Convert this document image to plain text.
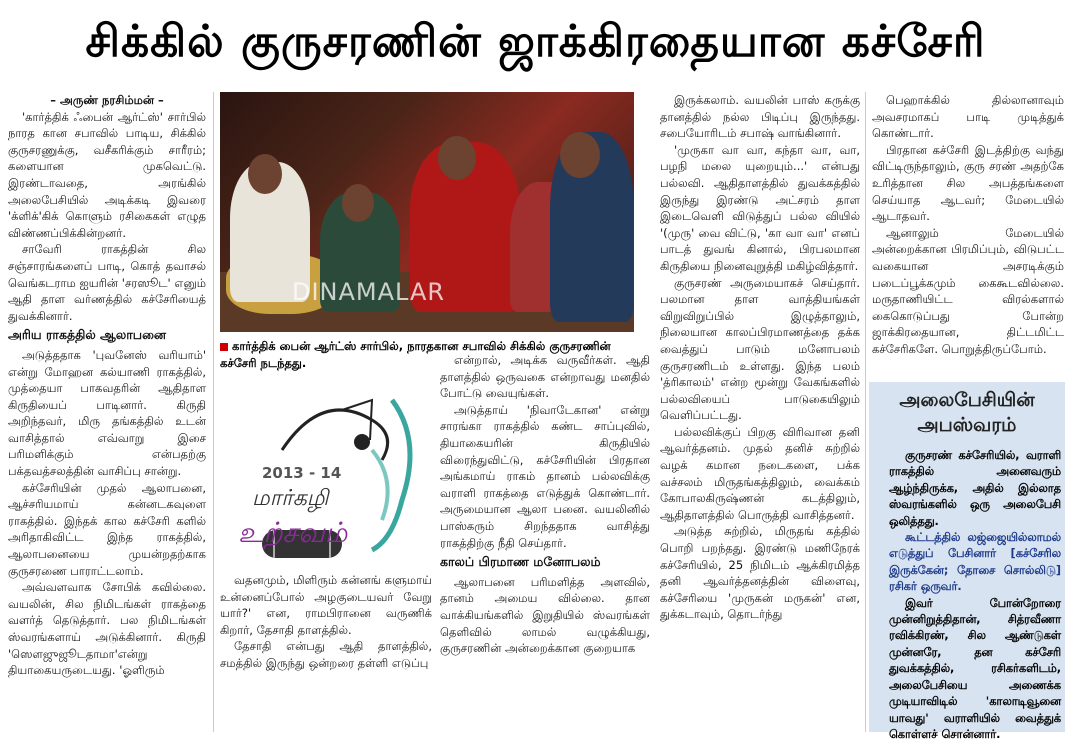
சிக்கில் குருசரணின் ஜாக்கிரதையான கச்சேரி

– அருண் நரசிம்மன் –

'கார்த்திக் ஃபைன் ஆர்ட்ஸ்' சார்பில் நாரத கான சபாவில் பாடிய, சிக்கில் குருசரணுக்கு, வசீகரிக்கும் சாரீரம்; களையான முகவெட்டு. இரண்டாவதை, அரங்கில் அலைபேசியில் அடிக்கடி இவரை 'க்ளிக்'கிக் கொளும் ரசிகைகள் எழுத விண்ணப்பிக்கின்றனர்.

சாவேரி ராகத்தின் சில சஞ்சாரங்களைப் பாடி, கொத் தவாசல் வெங்கடராம ஐயரின் 'சரஸூட' எனும் ஆதி தாள வர்ணத்தில் கச்சேரியைத் துவக்கினார்.

அரிய ராகத்தில் ஆலாபனை

அடுத்ததாக 'புவனேஸ் வரியாம்' என்று மோஹன கல்யாணி ராகத்தில், முத்தையா பாகவதரின் ஆதிதாள கிருதியைப் பாடினார். கிருதி அறிந்தவர், மிரு தங்கத்தில் உடன் வாசித்தால் எவ்வாறு இசை பரிமளிக்கும் என்பதற்கு பக்தவத்சலத்தின் வாசிப்பு சான்று.

கச்சேரியின் முதல் ஆலாபனை, ஆச்சரியமாய் கன்னடகவுளை ராகத்தில். இந்தக் கால கச்சேரி களில் அரிதாகிவிட்ட இந்த ராகத்தில், ஆலாபனையை முயன்றதற்காக குருசரணை பாராட்டலாம்.

அவ்வளவாக சோபிக் கவில்லை. வயலின், சில நிமிடங்கள் ராகத்தை வளர்த் தெடுத்தார். பல நிமிடங்கள் ஸ்வரங்களாய் அடுக்கினார். கிருதி 'ஸெளஜுஜூடதாமா'என்று தியாகையருடையது. 'ஓளிரும்

DINAMALAR
கார்த்திக் பைன் ஆர்ட்ஸ் சார்பில், நாரதகான சபாவில் சிக்கில் குருசரணின் கச்சேரி நடந்தது.
2013 - 14
மார்கழி
உற்சவம்

வதனமும், மிளிரும் கன்னங் களுமாய் உன்னைப்போல் அழகுடையவர் வேறு யார்?' என, ராமபிரானை வருணிக் கிறார், தேசாதி தாளத்தில்.

தேசாதி என்பது ஆதி தாளத்தில், சமத்தில் இருந்து ஒன்றரை தள்ளி எடுப்பு

என்றால், அடிக்க வருவீர்கள். ஆதி தாளத்தில் ஒருவகை என்றாவது மனதில் போட்டு வையுங்கள்.

அடுத்தாய் 'நிவாடேகான' என்று சாரங்கா ராகத்தில் கண்ட சாப்புவில், தியாகையரின் கிருதியில் விரைந்துவிட்டு, கச்சேரியின் பிரதான அங்கமாய் ராகம் தானம் பல்லவிக்கு வராளி ராகத்தை எடுத்துக் கொண்டார். அருமையான ஆலா பனை. வயலினில் பாஸ்கரும் சிறந்ததாக வாசித்து ராகத்திற்கு நீதி செய்தார்.

காலப் பிரமாண மனோபலம்

ஆலாபனை பரிமளித்த அளவில், தானம் அமைய வில்லை. தான வாக்கியங்களில் இறுதியில் ஸ்வரங்கள் தெளிவில் லாமல் வழுக்கியது, குருசரணின் அன்றைக்கான குறையாக

இருக்கலாம். வயலின் பாஸ் கருக்கு தானத்தில் நல்ல பிடிப்பு இருந்தது. சபையோரிடம் சபாஷ் வாங்கினார்.

'முருகா வா வா, கந்தா வா, வா, பழநி மலை யுறையும்...' என்பது பல்லவி. ஆதிதாளத்தில் துவக்கத்தில் இருந்து இரண்டு அட்சரம் தாள இடைவெளி விடுத்துப் பல்ல வியில் '(முரு' வை விட்டு, 'கா வா வா' எனப் பாடத் துவங் கினால், பிரபலமான கிருதியை நினைவுறுத்தி மகிழ்வித்தார்.

குருசரண் அருமையாகச் செய்தார். பலமான தாள வாத்தியங்கள் விறுவிறுப்பில் இழுத்தாலும், நிலையான காலப்பிரமாணத்தை தக்க வைத்துப் பாடும் மனோபலம் குருசரணிடம் உள்ளது. இந்த பலம் 'த்ரிகாலம்' என்ற மூன்று வேகங்களில் பல்லவியைப் பாடுகையிலும் வெளிப்பட்டது.

பல்லவிக்குப் பிறகு விரிவான தனி ஆவர்த்தனம். முதல் தனிச் சுற்றில் வழக் கமான நடைகளை, பக்க வச்சலம் மிருதங்கத்திலும், வைக்கம் கோபாலகிருஷ்ணன் கடத்திலும், ஆதிதாளத்தில் பொருத்தி வாசித்தனர்.

அடுத்த சுற்றில், மிருதங் கத்தில் பொறி பறந்தது. இரண்டு மணிநேரக் கச்சேரியில், 25 நிமிடம் ஆக்கிரமித்த தனி ஆவர்த்தனத்தின் விளைவு, கச்சேரியை 'முருகன் மருகன்' என, துக்கடாவும், தொடர்ந்து

பெஹாக்கில் தில்லானாவும் அவசரமாகப் பாடி முடித்துக் கொண்டார்.

பிரதான கச்சேரி இடத்திற்கு வந்து விட்டிருந்தாலும், குரு சரண் அதற்கே உரித்தான சில அபத்தங்களை செய்யாத ஆடவர்; மேடையில் ஆடாதவர்.

ஆனாலும் மேடையில் அன்றைக்கான பிரமிப்பும், விடுபட்ட வகையான அசரடிக்கும் படைப்பூக்கமும் கைகூடவில்லை. மருதாணியிட்ட விரல்களால் கைகொடுப்பது போன்ற ஜாக்கிரதையான, திட்டமிட்ட கச்சேரிகளே. பொறுத்திருப்போம்.

அலைபேசியின்
அபஸ்வரம்

குருசரண் கச்சேரியில், வராளி ராகத்தில் அனைவரும் ஆழ்ந்திருக்க, அதில் இல்லாத ஸ்வரங்களில் ஒரு அலைபேசி ஒலித்தது.

கூட்டத்தில் லஜ்ஜையில்லாமல் எடுத்துப் பேசினார் [கச்சேரில இருக்கேன்; தோசை சொல்லிடு] ரசிகர் ஒருவர்.

இவர் போன்றோரை முன்னிறுத்திதான், சித்ரவீணா ரவிக்கிரண், சில ஆண்டுகள் முன்னரே, தன கச்சேரி துவக்கத்தில், ரசிகர்களிடம், அலைபேசியை அணைக்க முடியாவிடில் 'காலாடிவூனை யாவது' வராளியில் வைத்துக் கொள்ளச் சொன்னார்.
